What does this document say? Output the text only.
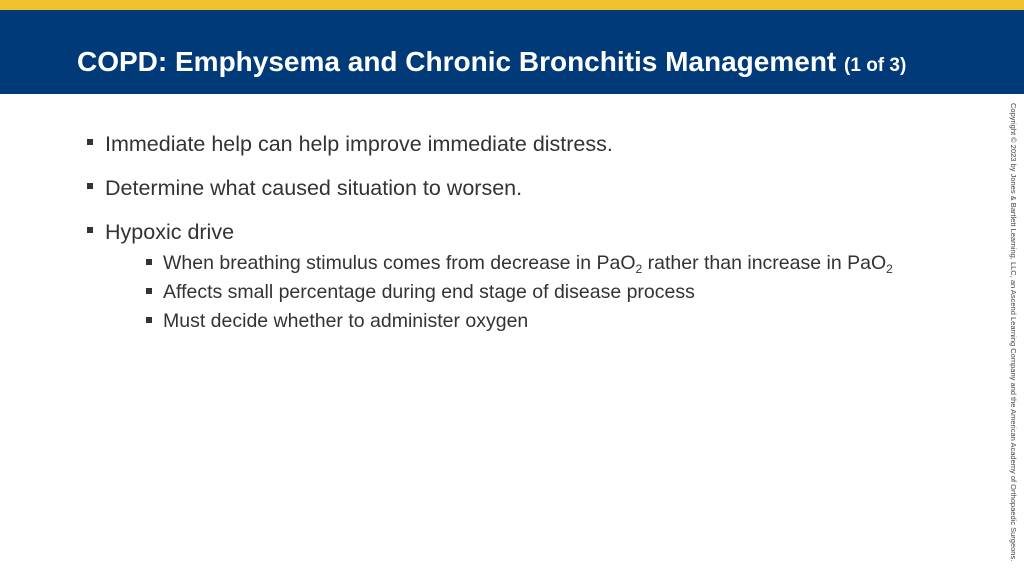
COPD: Emphysema and Chronic Bronchitis Management (1 of 3)
Immediate help can help improve immediate distress.
Determine what caused situation to worsen.
Hypoxic drive
When breathing stimulus comes from decrease in PaO$_2$ rather than increase in PaO$_2$
Affects small percentage during end stage of disease process
Must decide whether to administer oxygen	Copyright © 2023 by Jones & Bartlett Learning, LLC, an Ascend Learning Company and the American Academy of Orthopaedic Surgeons.
